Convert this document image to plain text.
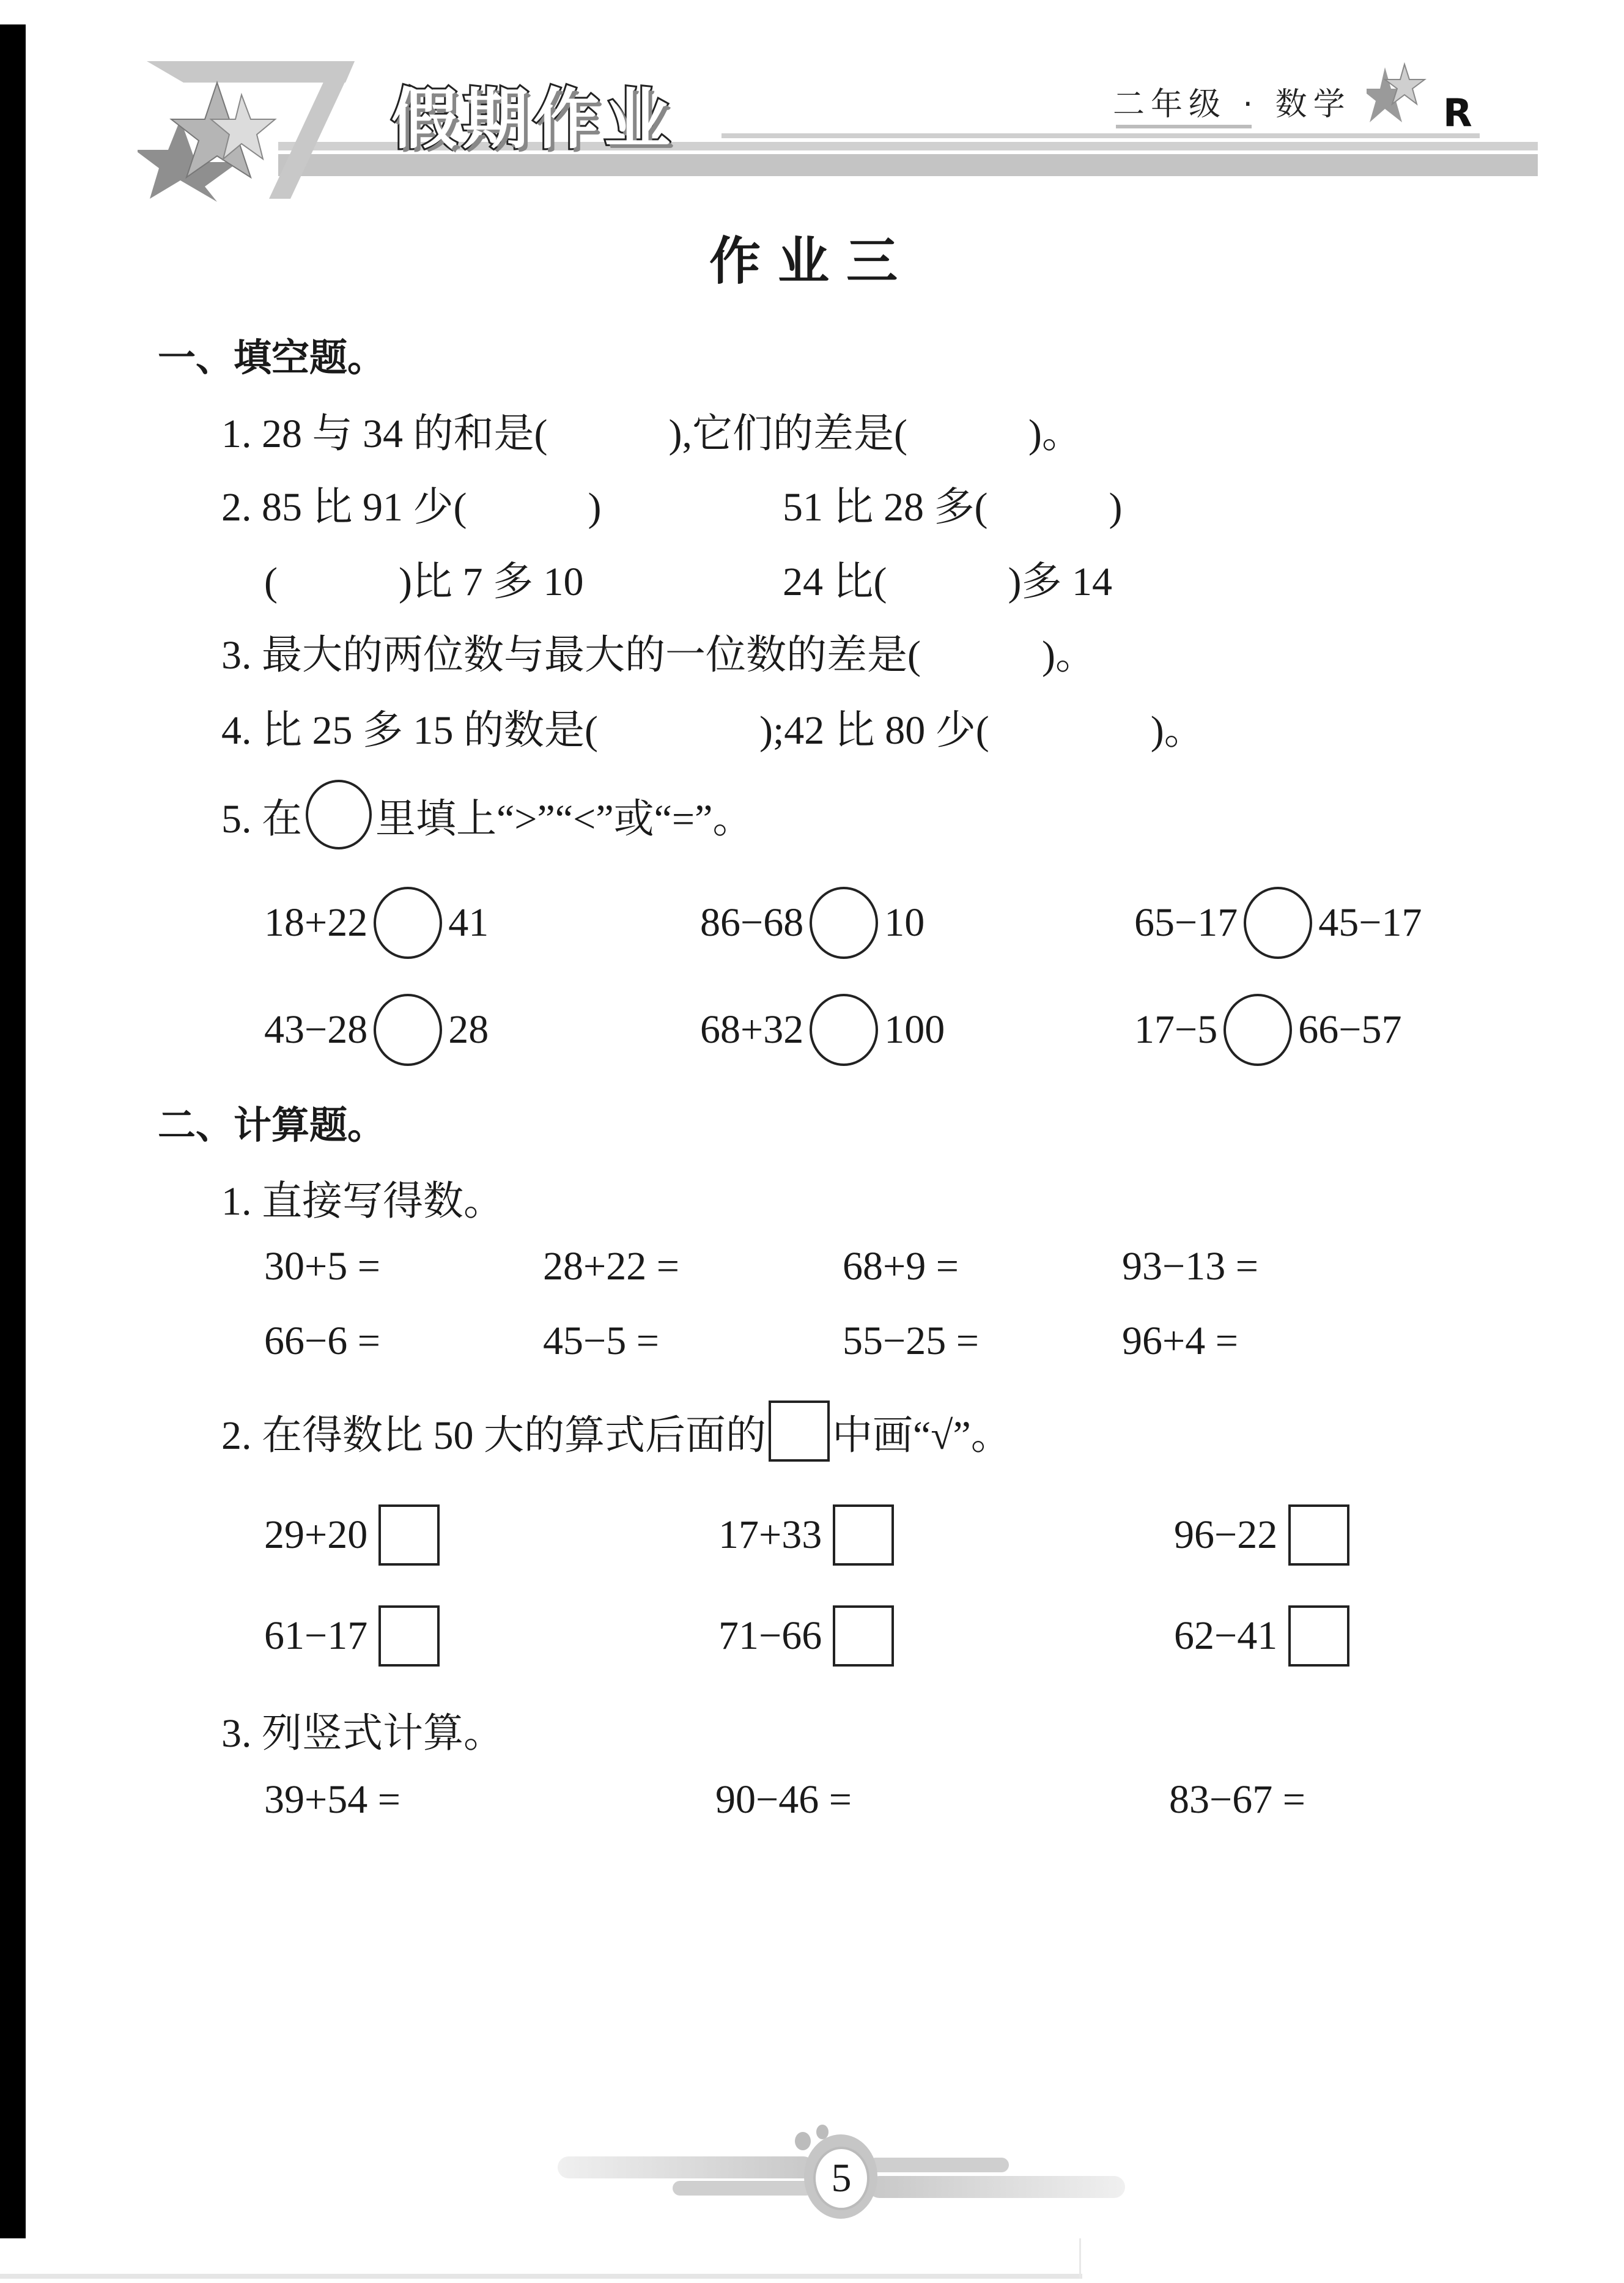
假期作业	二年级 · 数学 R
作业三
一、填空题。
1. 28 与 34 的和是(　　　),它们的差是(　　　)。
2. 85 比 91 少(　　　)	51 比 28 多(　　　)
(　　　)比 7 多 10	24 比(　　　)多 14
3. 最大的两位数与最大的一位数的差是(　　　)。
4. 比 25 多 15 的数是(　　　　);42 比 80 少(　　　　)。
5. 在 里填上“>”“<”或“=”。
18+22 41	86−68 10	65−17 45−17
43−28 28	68+32 100	17−5 66−57
二、计算题。
1. 直接写得数。
30+5 =	28+22 =	68+9 =	93−13 =
66−6 =	45−5 =	55−25 =	96+4 =
2. 在得数比 50 大的算式后面的 中画“√”。
29+20	17+33	96−22
61−17	71−66	62−41
3. 列竖式计算。
39+54 =	90−46 =	83−67 =
5
